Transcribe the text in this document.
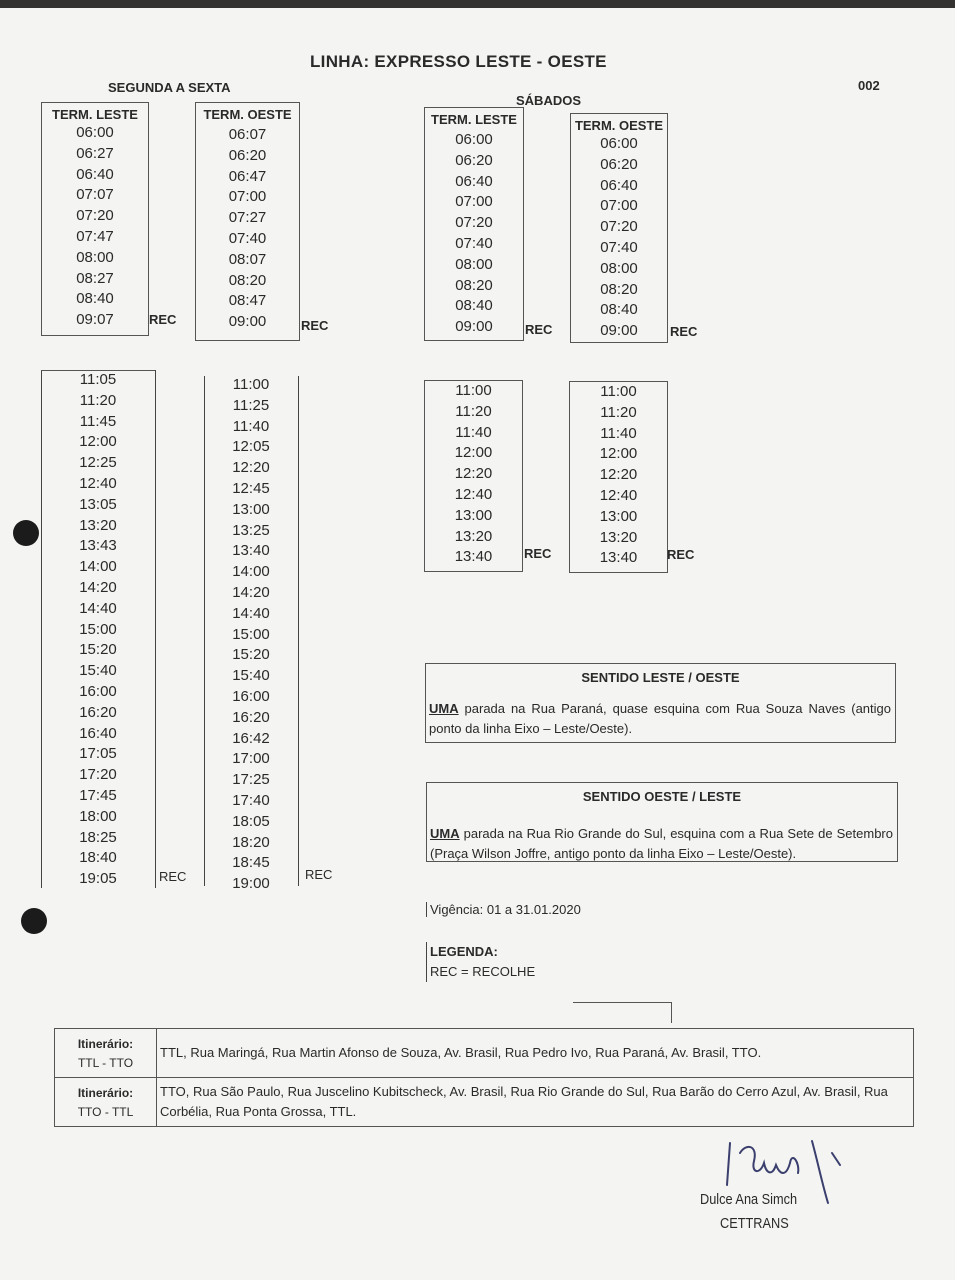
LINHA: EXPRESSO LESTE - OESTE
002
SEGUNDA A SEXTA
TERM. LESTE
06:00
06:27
06:40
07:07
07:20
07:47
08:00
08:27
08:40
09:07	REC
TERM. OESTE
06:07
06:20
06:47
07:00
07:27
07:40
08:07
08:20
08:47
09:00	REC
11:05
11:20
11:45
12:00
12:25
12:40
13:05
13:20
13:43
14:00
14:20
14:40
15:00
15:20
15:40
16:00
16:20
16:40
17:05
17:20
17:45
18:00
18:25
18:40
19:05	REC
11:00
11:25
11:40
12:05
12:20
12:45
13:00
13:25
13:40
14:00
14:20
14:40
15:00
15:20
15:40
16:00
16:20
16:42
17:00
17:25
17:40
18:05
18:20
18:45
19:00
REC
SÁBADOS
TERM. LESTE
06:00
06:20
06:40
07:00
07:20
07:40
08:00
08:20
08:40
09:00	REC
TERM. OESTE
06:00
06:20
06:40
07:00
07:20
07:40
08:00
08:20
08:40
09:00	REC
11:00
11:20
11:40
12:00
12:20
12:40
13:00
13:20
13:40	REC
11:00
11:20
11:40
12:00
12:20
12:40
13:00
13:20
13:40	REC
SENTIDO LESTE / OESTE
UMA parada na Rua Paraná, quase esquina com Rua Souza Naves (antigo ponto da linha Eixo – Leste/Oeste).
SENTIDO OESTE / LESTE
UMA parada na Rua Rio Grande do Sul, esquina com a Rua Sete de Setembro (Praça Wilson Joffre, antigo ponto da linha Eixo – Leste/Oeste).
Vigência: 01 a 31.01.2020
LEGENDA:
REC = RECOLHE
Itinerário:
TTL - TTO
TTL, Rua Maringá, Rua Martin Afonso de Souza, Av. Brasil, Rua Pedro Ivo, Rua Paraná, Av. Brasil, TTO.
Itinerário:
TTO - TTL
TTO, Rua São Paulo, Rua Juscelino Kubitscheck, Av. Brasil, Rua Rio Grande do Sul, Rua Barão do Cerro Azul, Av. Brasil, Rua Corbélia, Rua Ponta Grossa, TTL.
Dulce Ana Simch
CETTRANS
